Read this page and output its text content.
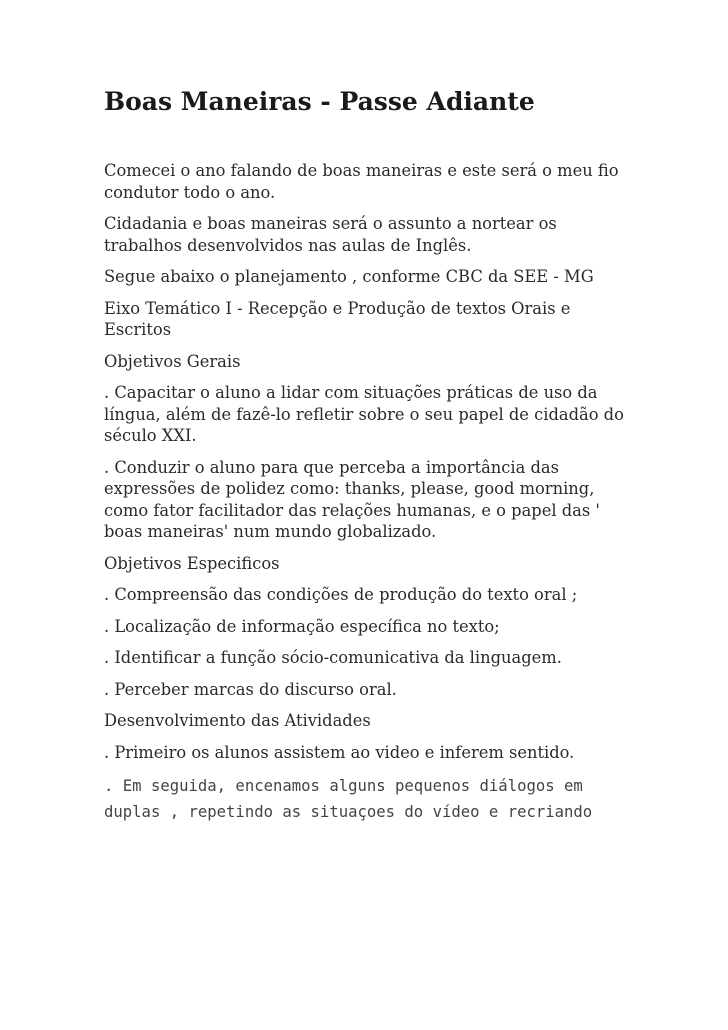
Boas Maneiras - Passe Adiante

Comecei o ano falando de boas maneiras e este será o meu fio condutor todo o ano.

Cidadania e boas maneiras será o assunto a nortear os trabalhos desenvolvidos nas aulas de Inglês.

Segue abaixo o planejamento , conforme CBC da SEE - MG

Eixo Temático I - Recepção e Produção de textos Orais e Escritos

Objetivos Gerais

. Capacitar o aluno a lidar com situações práticas de uso da língua, além de fazê-lo refletir sobre o seu papel de cidadão do século XXI.

. Conduzir o aluno para que perceba a importância das expressões de polidez como: thanks, please, good morning, como fator facilitador das relações humanas, e o papel das ' boas maneiras' num mundo globalizado.

Objetivos Especificos

. Compreensão das condições de produção do texto oral ;

. Localização de informação específica no texto;

. Identificar a função sócio-comunicativa da linguagem.

. Perceber marcas do discurso oral.

Desenvolvimento das Atividades

. Primeiro os alunos assistem ao video e inferem sentido.

. Em seguida, encenamos alguns pequenos diálogos em duplas , repetindo as situaçoes do vídeo e recriando
